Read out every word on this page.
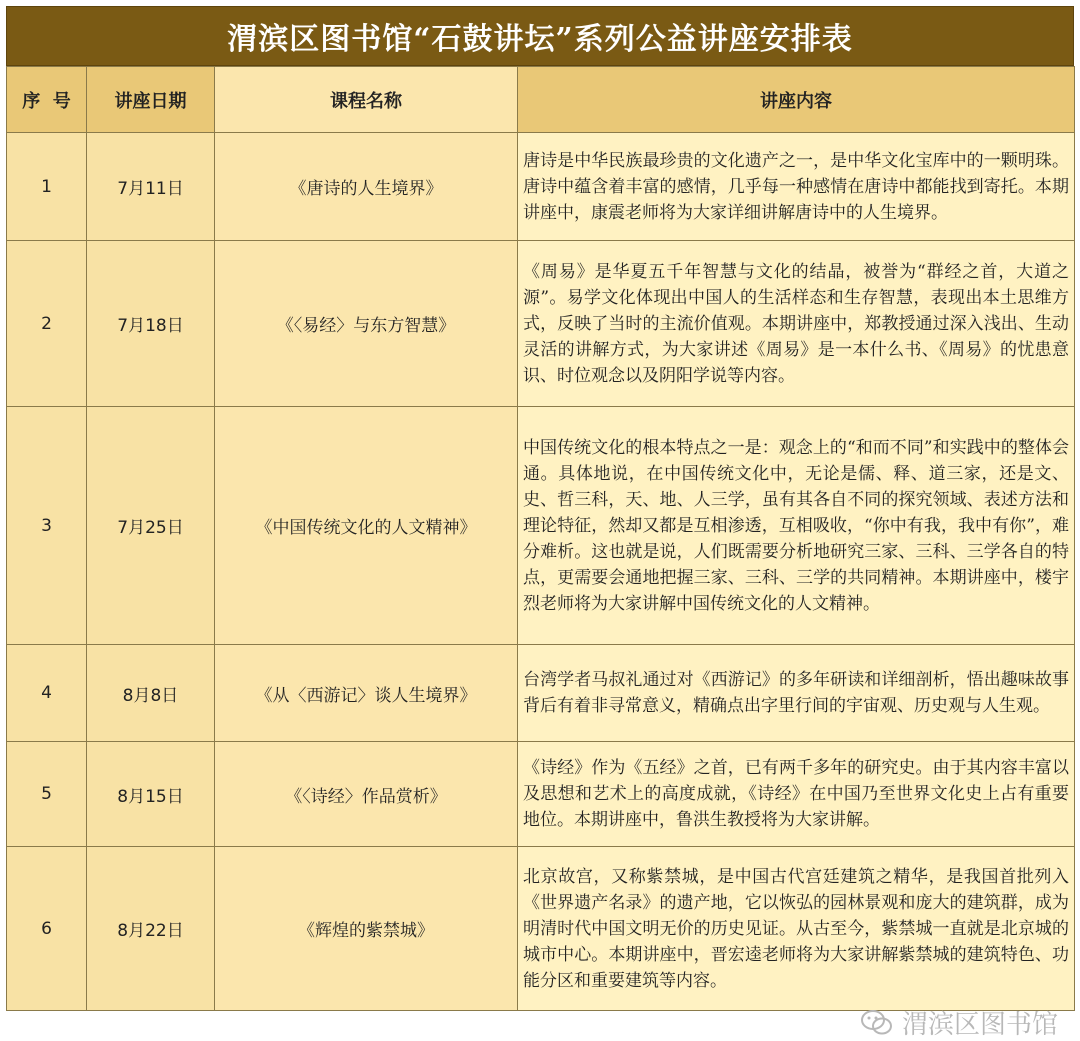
渭滨区图书馆“石鼓讲坛”系列公益讲座安排表
序  号	讲座日期	课程名称	讲座内容
1	7月11日	《唐诗的人生境界》	唐诗是中华民族最珍贵的文化遗产之一，是中华文化宝库中的一颗明珠。唐诗中蕴含着丰富的感情，几乎每一种感情在唐诗中都能找到寄托。本期讲座中，康震老师将为大家详细讲解唐诗中的人生境界。
2	7月18日	《〈易经〉与东方智慧》	《周易》是华夏五千年智慧与文化的结晶，被誉为“群经之首，大道之源”。易学文化体现出中国人的生活样态和生存智慧，表现出本土思维方式，反映了当时的主流价值观。本期讲座中，郑教授通过深入浅出、生动灵活的讲解方式，为大家讲述《周易》是一本什么书、《周易》的忧患意识、时位观念以及阴阳学说等内容。
3	7月25日	《中国传统文化的人文精神》	中国传统文化的根本特点之一是：观念上的“和而不同”和实践中的整体会通。具体地说，在中国传统文化中，无论是儒、释、道三家，还是文、史、哲三科，天、地、人三学，虽有其各自不同的探究领域、表述方法和理论特征，然却又都是互相渗透，互相吸收，“你中有我，我中有你”，难分难析。这也就是说，人们既需要分析地研究三家、三科、三学各自的特点，更需要会通地把握三家、三科、三学的共同精神。本期讲座中，楼宇烈老师将为大家讲解中国传统文化的人文精神。
4	8月8日	《从〈西游记〉谈人生境界》	台湾学者马叔礼通过对《西游记》的多年研读和详细剖析，悟出趣味故事背后有着非寻常意义，精确点出字里行间的宇宙观、历史观与人生观。
5	8月15日	《〈诗经〉作品赏析》	《诗经》作为《五经》之首，已有两千多年的研究史。由于其内容丰富以及思想和艺术上的高度成就，《诗经》在中国乃至世界文化史上占有重要地位。本期讲座中，鲁洪生教授将为大家讲解。
6	8月22日	《辉煌的紫禁城》	北京故宫，又称紫禁城，是中国古代宫廷建筑之精华，是我国首批列入《世界遗产名录》的遗产地，它以恢弘的园林景观和庞大的建筑群，成为明清时代中国文明无价的历史见证。从古至今，紫禁城一直就是北京城的城市中心。本期讲座中，晋宏逵老师将为大家讲解紫禁城的建筑特色、功能分区和重要建筑等内容。
渭滨区图书馆
